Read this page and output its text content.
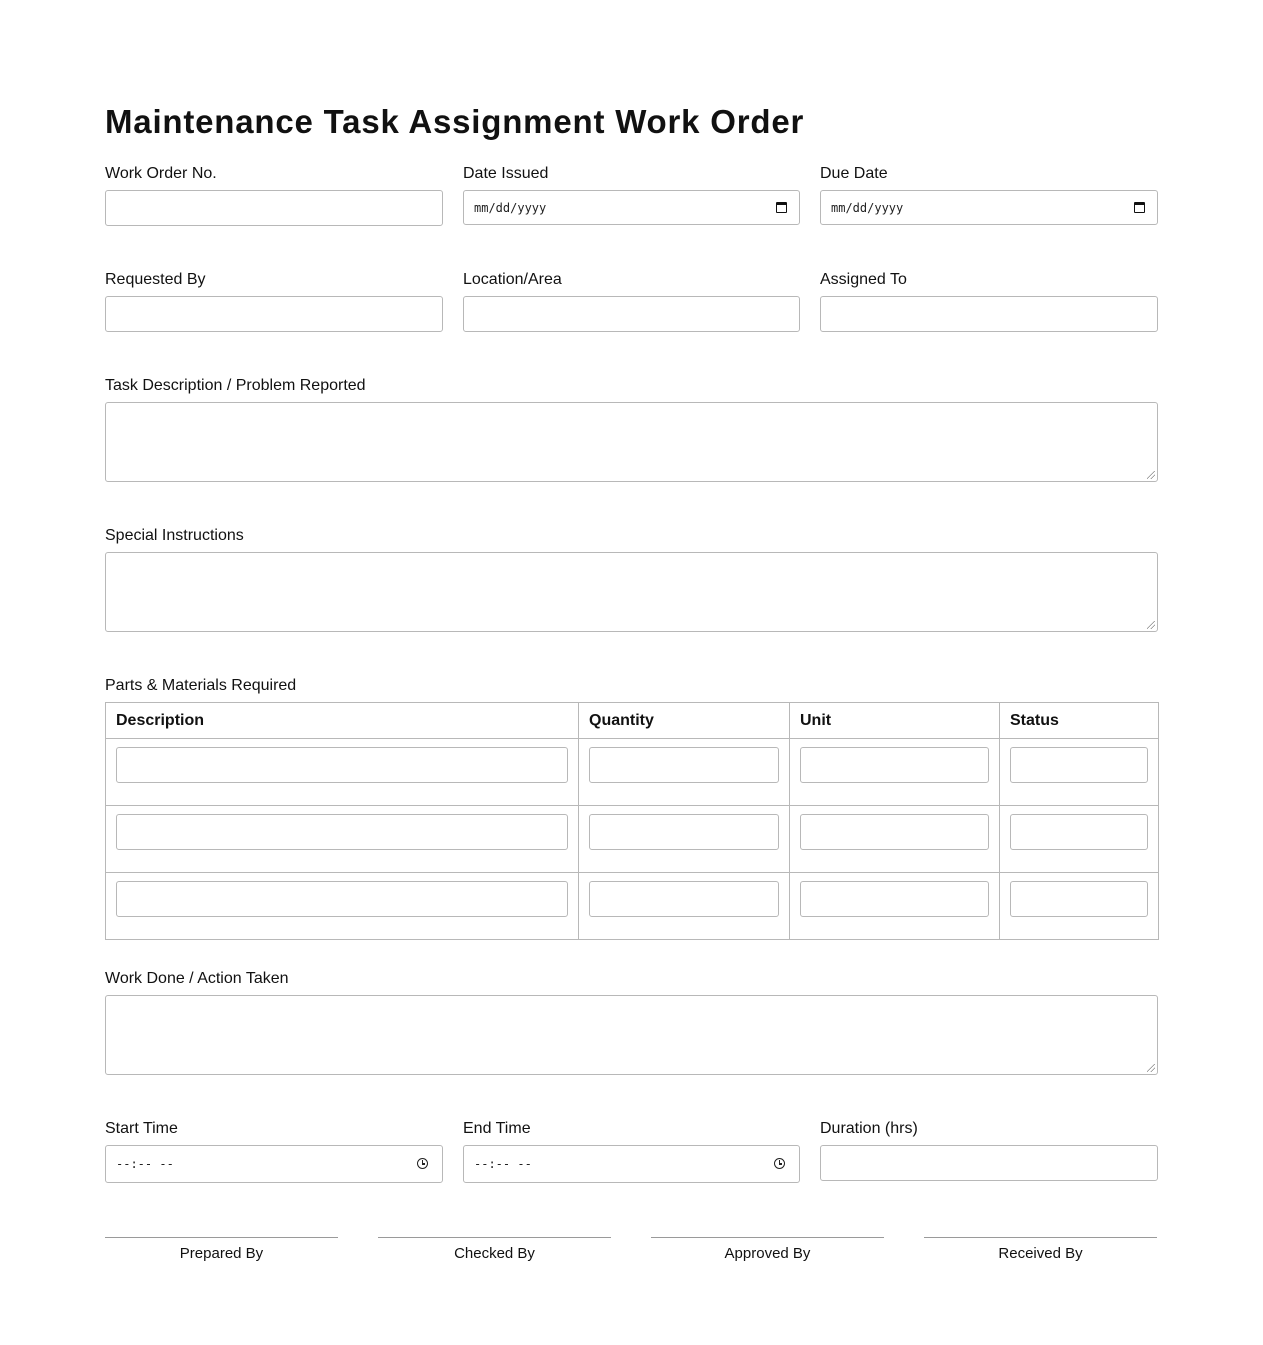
Maintenance Task Assignment Work Order
Work Order No.	Date Issued
mm/dd/yyyy
Due Date
mm/dd/yyyy
Requested By	Location/Area	Assigned To
Task Description / Problem Reported
Special Instructions
Parts & Materials Required
Description	Quantity	Unit	Status

Work Done / Action Taken
Start Time
--:-- --
End Time
--:-- --
Duration (hrs)
Prepared By	Checked By	Approved By	Received By
